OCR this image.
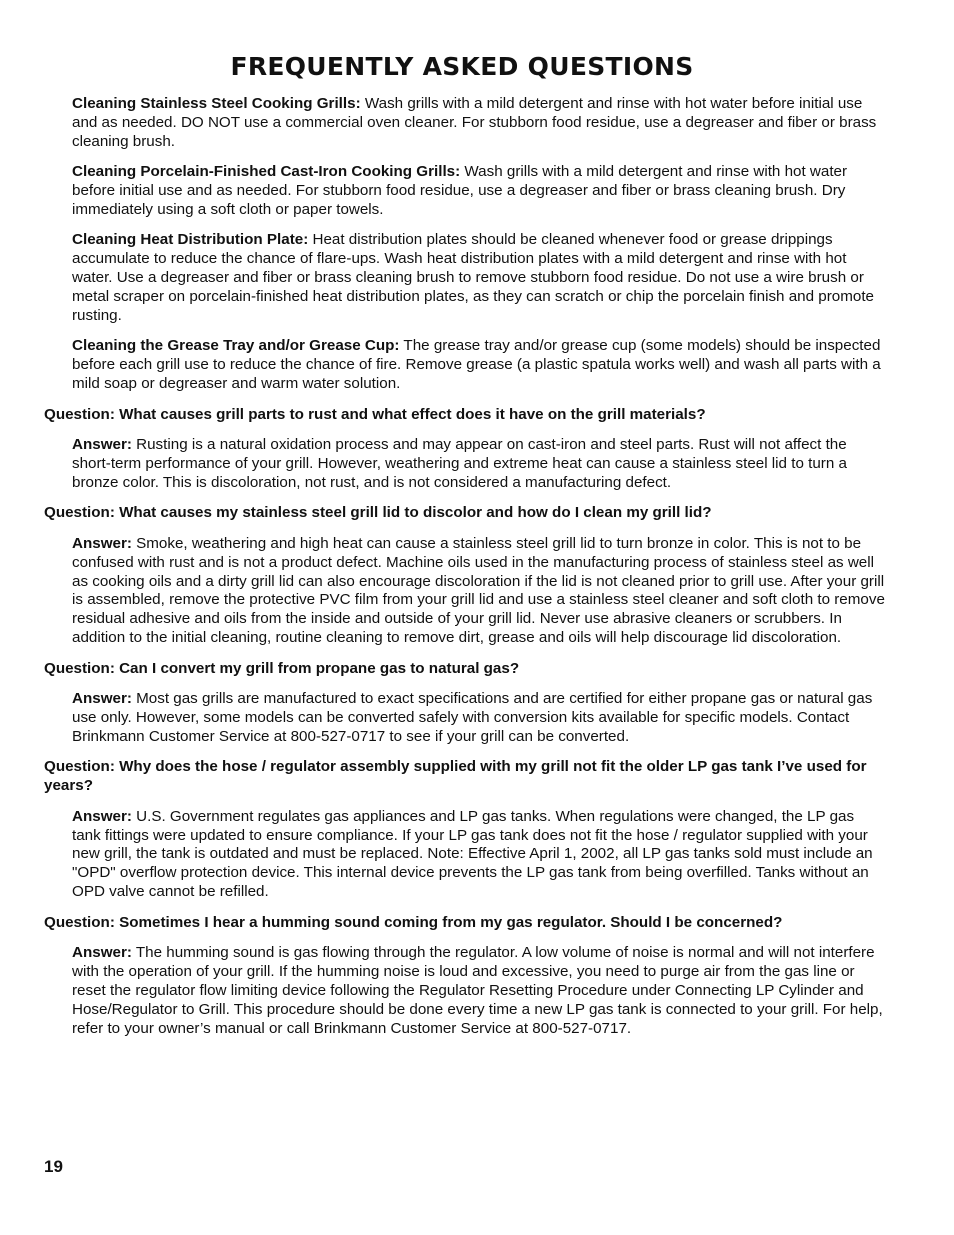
FREQUENTLY ASKED QUESTIONS

Cleaning Stainless Steel Cooking Grills: Wash grills with a mild detergent and rinse with hot water before initial use and as needed. DO NOT use a commercial oven cleaner. For stubborn food residue, use a degreaser and fiber or brass cleaning brush.

Cleaning Porcelain-Finished Cast-Iron Cooking Grills: Wash grills with a mild detergent and rinse with hot water before initial use and as needed. For stubborn food residue, use a degreaser and fiber or brass cleaning brush. Dry immediately using a soft cloth or paper towels.

Cleaning Heat Distribution Plate: Heat distribution plates should be cleaned whenever food or grease drippings accumulate to reduce the chance of flare-ups. Wash heat distribution plates with a mild detergent and rinse with hot water. Use a degreaser and fiber or brass cleaning brush to remove stubborn food residue. Do not use a wire brush or metal scraper on porcelain-finished heat distribution plates, as they can scratch or chip the porcelain finish and promote rusting.

Cleaning the Grease Tray and/or Grease Cup: The grease tray and/or grease cup (some models) should be inspected before each grill use to reduce the chance of fire. Remove grease (a plastic spatula works well) and wash all parts with a mild soap or degreaser and warm water solution.

Question: What causes grill parts to rust and what effect does it have on the grill materials?

Answer: Rusting is a natural oxidation process and may appear on cast-iron and steel parts. Rust will not affect the short-term performance of your grill. However, weathering and extreme heat can cause a stainless steel lid to turn a bronze color. This is discoloration, not rust, and is not considered a manufacturing defect.

Question: What causes my stainless steel grill lid to discolor and how do I clean my grill lid?

Answer: Smoke, weathering and high heat can cause a stainless steel grill lid to turn bronze in color. This is not to be confused with rust and is not a product defect. Machine oils used in the manufacturing process of stainless steel as well as cooking oils and a dirty grill lid can also encourage discoloration if the lid is not cleaned prior to grill use. After your grill is assembled, remove the protective PVC film from your grill lid and use a stainless steel cleaner and soft cloth to remove residual adhesive and oils from the inside and outside of your grill lid. Never use abrasive cleaners or scrubbers. In addition to the initial cleaning, routine cleaning to remove dirt, grease and oils will help discourage lid discoloration.

Question: Can I convert my grill from propane gas to natural gas?

Answer: Most gas grills are manufactured to exact specifications and are certified for either propane gas or natural gas use only. However, some models can be converted safely with conversion kits available for specific models. Contact Brinkmann Customer Service at 800-527-0717 to see if your grill can be converted.

Question: Why does the hose / regulator assembly supplied with my grill not fit the older LP gas tank I’ve used for years?

Answer: U.S. Government regulates gas appliances and LP gas tanks. When regulations were changed, the LP gas tank fittings were updated to ensure compliance. If your LP gas tank does not fit the hose / regulator supplied with your new grill, the tank is outdated and must be replaced. Note: Effective April 1, 2002, all LP gas tanks sold must include an "OPD" overflow protection device. This internal device prevents the LP gas tank from being overfilled. Tanks without an OPD valve cannot be refilled.

Question: Sometimes I hear a humming sound coming from my gas regulator. Should I be concerned?

Answer: The humming sound is gas flowing through the regulator. A low volume of noise is normal and will not interfere with the operation of your grill. If the humming noise is loud and excessive, you need to purge air from the gas line or reset the regulator flow limiting device following the Regulator Resetting Procedure under Connecting LP Cylinder and Hose/Regulator to Grill. This procedure should be done every time a new LP gas tank is connected to your grill. For help, refer to your owner’s manual or call Brinkmann Customer Service at 800-527-0717.

19
